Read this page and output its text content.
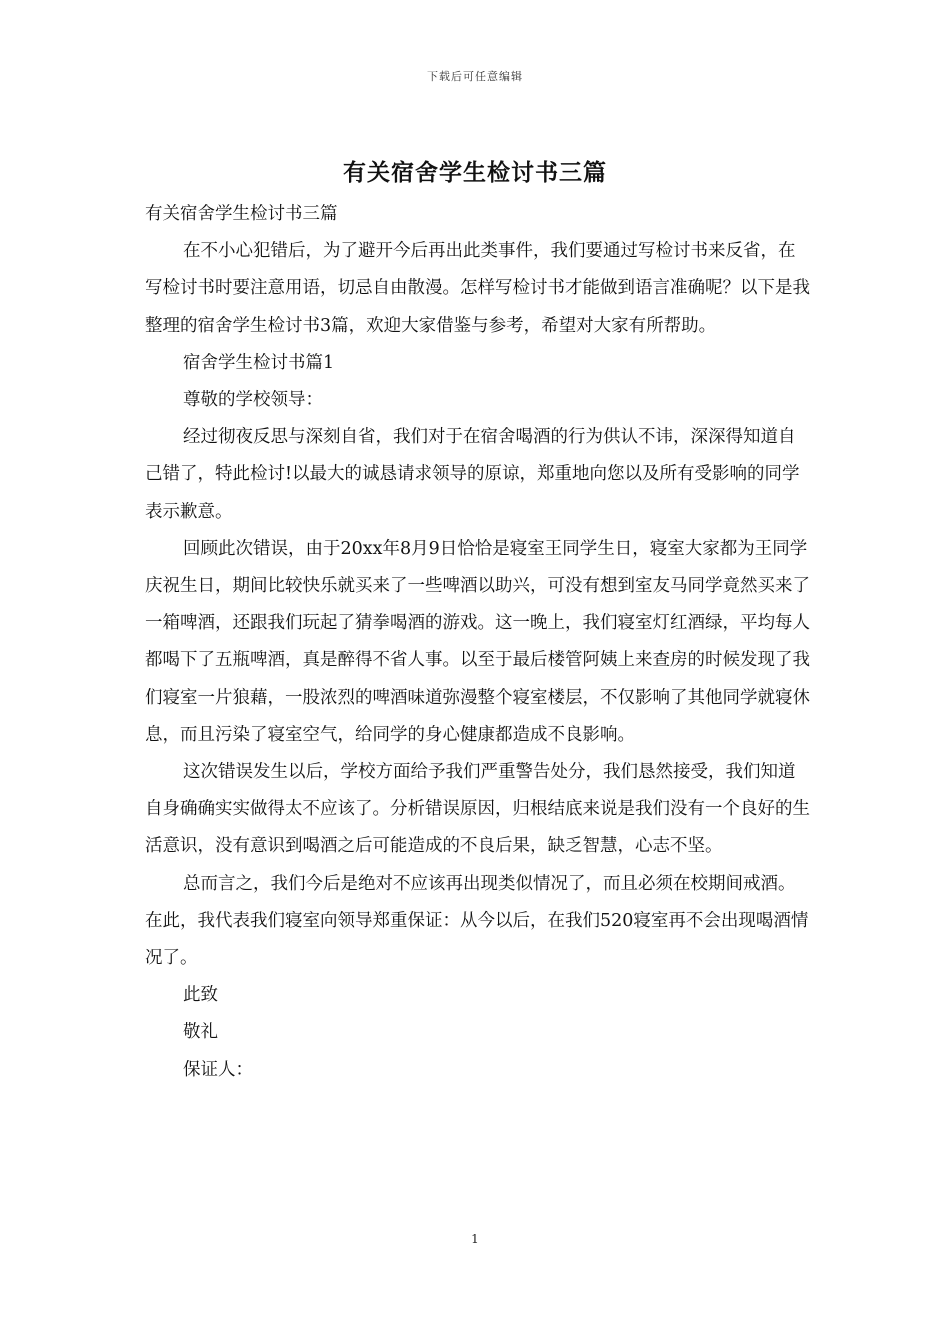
下载后可任意编辑
有关宿舍学生检讨书三篇

有关宿舍学生检讨书三篇

在不小心犯错后，为了避开今后再出此类事件，我们要通过写检讨书来反省，在写检讨书时要注意用语，切忌自由散漫。怎样写检讨书才能做到语言准确呢？以下是我整理的宿舍学生检讨书3篇，欢迎大家借鉴与参考，希望对大家有所帮助。

宿舍学生检讨书篇1

尊敬的学校领导：

经过彻夜反思与深刻自省，我们对于在宿舍喝酒的行为供认不讳，深深得知道自己错了，特此检讨!以最大的诚恳请求领导的原谅，郑重地向您以及所有受影响的同学表示歉意。

回顾此次错误，由于20xx年8月9日恰恰是寝室王同学生日，寝室大家都为王同学庆祝生日，期间比较快乐就买来了一些啤酒以助兴，可没有想到室友马同学竟然买来了一箱啤酒，还跟我们玩起了猜拳喝酒的游戏。这一晚上，我们寝室灯红酒绿，平均每人都喝下了五瓶啤酒，真是醉得不省人事。以至于最后楼管阿姨上来查房的时候发现了我们寝室一片狼藉，一股浓烈的啤酒味道弥漫整个寝室楼层，不仅影响了其他同学就寝休息，而且污染了寝室空气，给同学的身心健康都造成不良影响。

这次错误发生以后，学校方面给予我们严重警告处分，我们恳然接受，我们知道自身确确实实做得太不应该了。分析错误原因，归根结底来说是我们没有一个良好的生活意识，没有意识到喝酒之后可能造成的不良后果，缺乏智慧，心志不坚。

总而言之，我们今后是绝对不应该再出现类似情况了，而且必须在校期间戒酒。在此，我代表我们寝室向领导郑重保证：从今以后，在我们520寝室再不会出现喝酒情况了。

此致

敬礼

保证人：

1
